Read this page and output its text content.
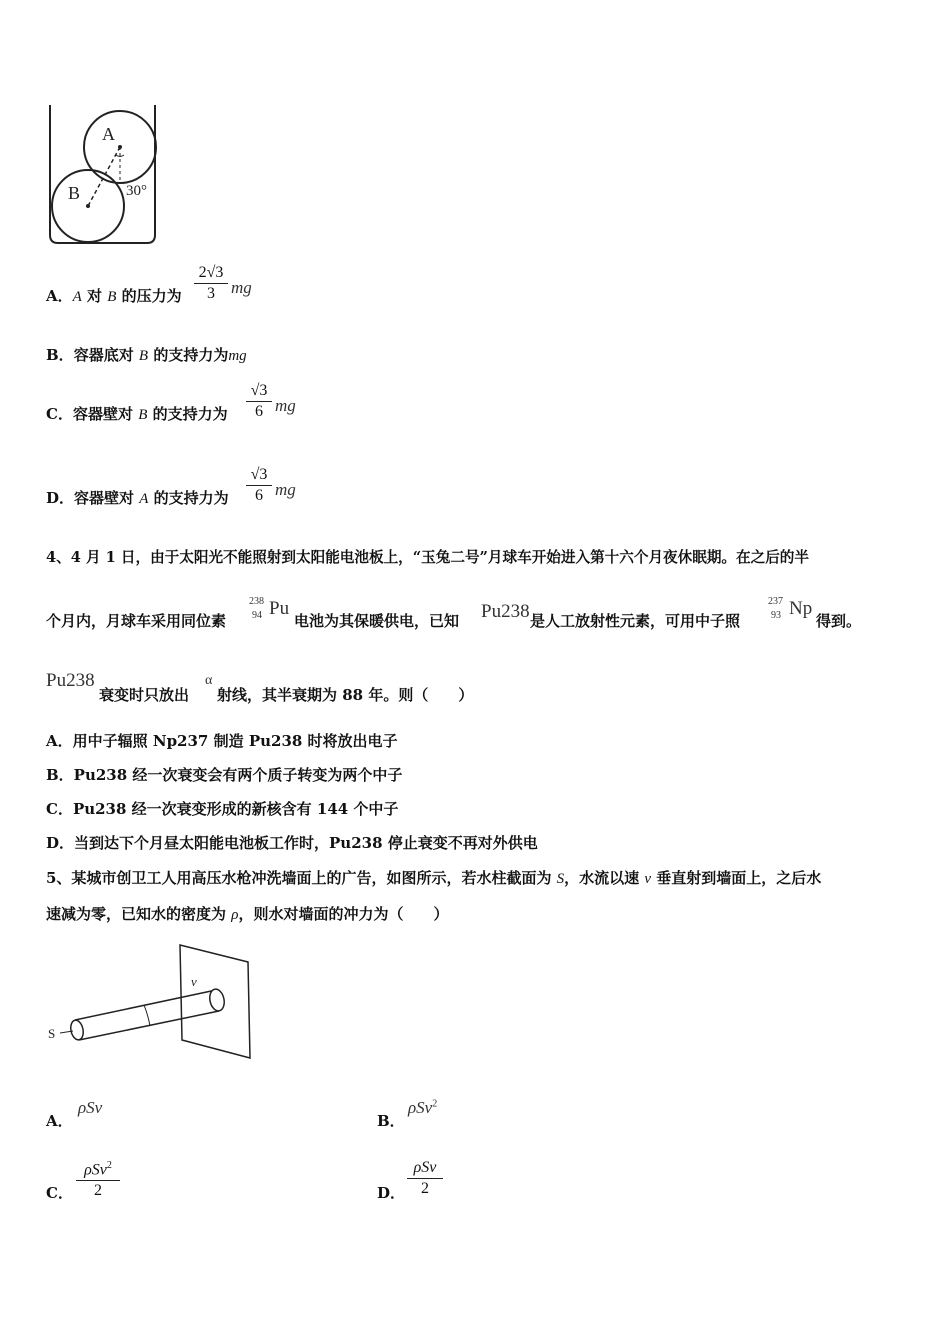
A
B	30°
A．A 对 B 的压力为
2√3
3 mg
B．容器底对 B 的支持力为mg
C．容器壁对 B 的支持力为
√3
6 mg
D．容器壁对 A 的支持力为
√3
6 mg
4、4 月 1 日，由于太阳光不能照射到太阳能电池板上，“玉兔二号”月球车开始进入第十六个月夜休眠期。在之后的半
个月内，月球车采用同位素
238
94 Pu
电池为其保暖供电，已知 Pu238 是人工放射性元素，可用中子照
237
93 Np
得到。
Pu238
衰变时只放出
α
射线，其半衰期为 88 年。则（　　）
A．用中子辐照 Np237 制造 Pu238 时将放出电子
B．Pu238 经一次衰变会有两个质子转变为两个中子
C．Pu238 经一次衰变形成的新核含有 144 个中子
D．当到达下个月昼太阳能电池板工作时，Pu238 停止衰变不再对外供电
5、某城市创卫工人用高压水枪冲洗墙面上的广告，如图所示，若水柱截面为 S，水流以速 v 垂直射到墙面上，之后水
速减为零，已知水的密度为 ρ，则水对墙面的冲力为（　　）
S
v
A．
ρSv
B．
ρSv$^2$
C．
ρSv$^2$
2	D．
ρSv
2
